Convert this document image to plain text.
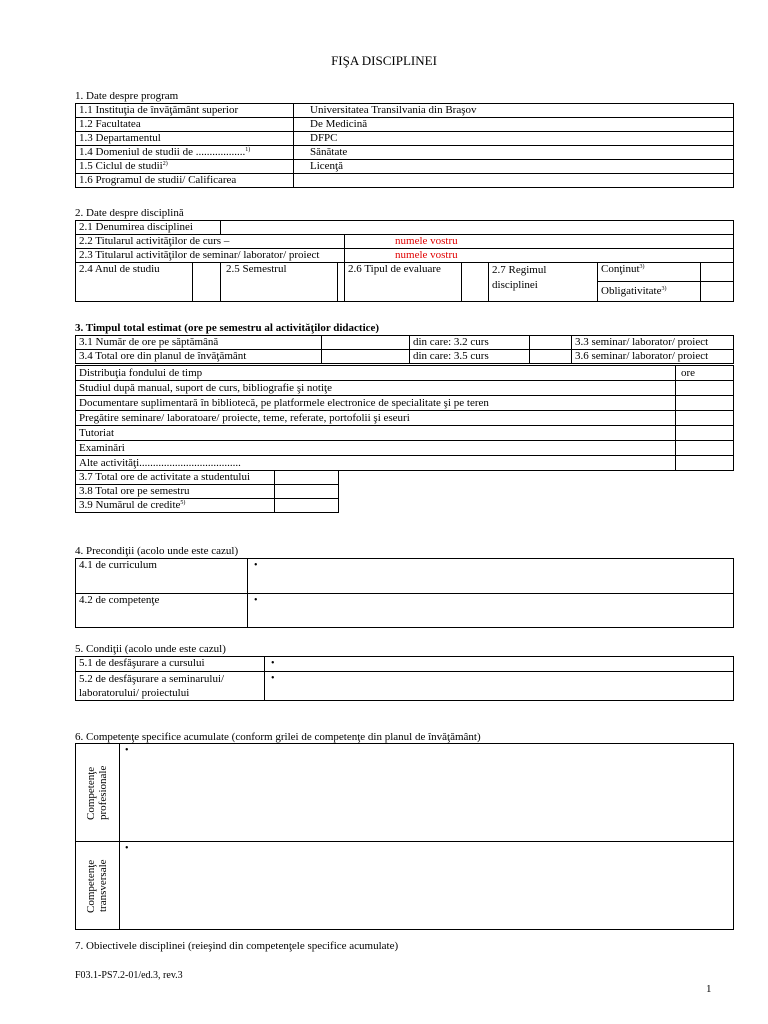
FIŞA DISCIPLINEI
1. Date despre program
1.1 Instituţia de învăţământ superior	Universitatea Transilvania din Braşov
1.2 Facultatea	De Medicină
1.3 Departamentul	DFPC
1.4 Domeniul de studii de ..................$^{1)}$	Sănătate
1.5 Ciclul de studii$^{2)}$	Licenţă
1.6 Programul de studii/ Calificarea	
2. Date despre disciplină
2.1 Denumirea disciplinei								
2.2 Titularul activităţilor de curs –				numele vostru				
2.3 Titularul activităţilor de seminar/ laborator/ proiect				numele vostru				
2.4 Anul de studiu		2.5 Semestrul		2.6 Tipul de evaluare		2.7 Regimul disciplinei	Conţinut$^{3)}$	
							Obligativitate$^{3)}$	
3. Timpul total estimat (ore pe semestru al activităţilor didactice)
3.1 Număr de ore pe săptămână		din care: 3.2 curs		3.3 seminar/ laborator/ proiect
3.4 Total ore din planul de învăţământ		din care: 3.5 curs		3.6 seminar/ laborator/ proiect
Distribuţia fondului de timp	ore
Studiul după manual, suport de curs, bibliografie şi notiţe	
Documentare suplimentară în bibliotecă, pe platformele electronice de specialitate şi pe teren	
Pregătire seminare/ laboratoare/ proiecte, teme, referate, portofolii şi eseuri	
Tutoriat	
Examinări	
Alte activităţi.....................................	
3.7 Total ore de activitate a studentului	
3.8 Total ore pe semestru	
3.9 Numărul de credite$^{5)}$	
4. Precondiţii (acolo unde este cazul)
4.1 de curriculum	•
4.2 de competenţe	•
5. Condiţii (acolo unde este cazul)
5.1 de desfăşurare a cursului	•
5.2 de desfăşurare a seminarului/ laboratorului/ proiectului	•
6. Competenţe specifice acumulate (conform grilei de competenţe din planul de învăţământ)
Competenţe profesionale	•

Competenţe transversale	•
7. Obiectivele disciplinei (reieşind din competenţele specifice acumulate)
F03.1-PS7.2-01/ed.3, rev.3
1
